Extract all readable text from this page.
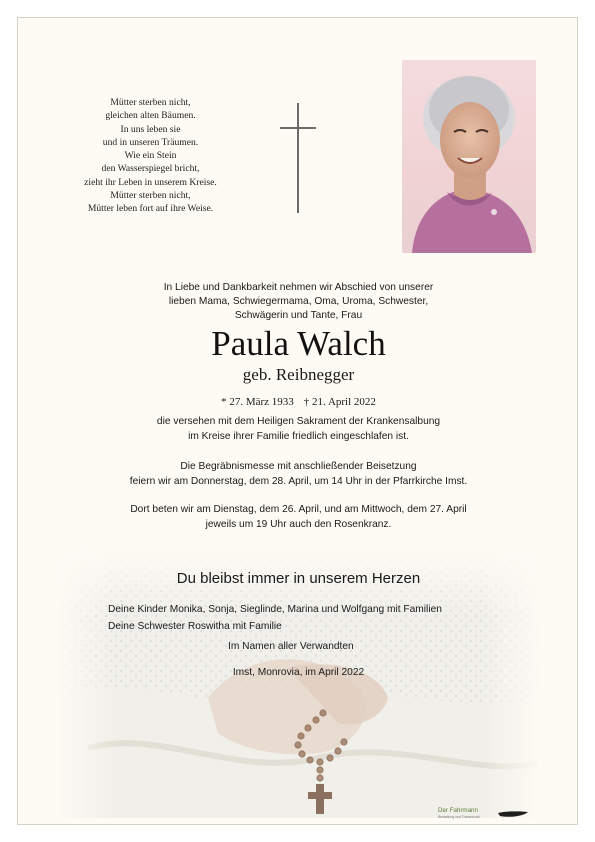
Mütter sterben nicht,
gleichen alten Bäumen.
In uns leben sie
und in unseren Träumen.
Wie ein Stein
den Wasserspiegel bricht,
zieht ihr Leben in unserem Kreise.
Mütter sterben nicht,
Mütter leben fort auf ihre Weise.
In Liebe und Dankbarkeit nehmen wir Abschied von unserer
lieben Mama, Schwiegermama, Oma, Uroma, Schwester,
Schwägerin und Tante, Frau
Paula Walch
geb. Reibnegger
* 27. März 1933 † 21. April 2022
die versehen mit dem Heiligen Sakrament der Krankensalbung
im Kreise ihrer Familie friedlich eingeschlafen ist.
Die Begräbnismesse mit anschließender Beisetzung
feiern wir am Donnerstag, dem 28. April, um 14 Uhr in der Pfarrkirche Imst.
Dort beten wir am Dienstag, dem 26. April, und am Mittwoch, dem 27. April
jeweils um 19 Uhr auch den Rosenkranz.
Du bleibst immer in unserem Herzen
Deine Kinder Monika, Sonja, Sieglinde, Marina und Wolfgang mit Familien
Deine Schwester Roswitha mit Familie
Im Namen aller Verwandten
Imst, Monrovia, im April 2022
Der Fahrmann
Bestattung und Trauerdruck
